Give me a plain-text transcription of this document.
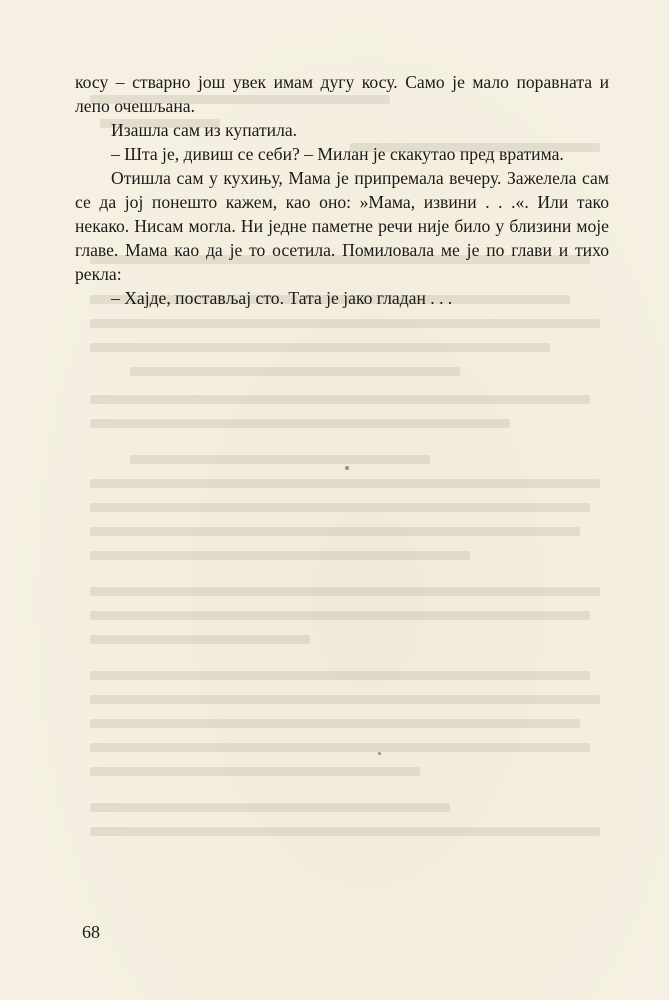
косу – стварно још увек имам дугу косу. Само је мало поравната и лепо очешљана.

Изашла сам из купатила.

– Шта је, дивиш се себи? – Милан је скакутао пред вратима.

Отишла сам у кухињу, Мама је припремала вечеру. Зажелела сам се да јој понешто кажем, као оно: »Мама, извини . . .«. Или тако некако. Нисам могла. Ни једне паметне речи није било у близини моје главе. Мама као да је то осетила. Помиловала ме је по глави и тихо рекла:

– Хајде, постављај сто. Тата је јако гладан . . .

68
